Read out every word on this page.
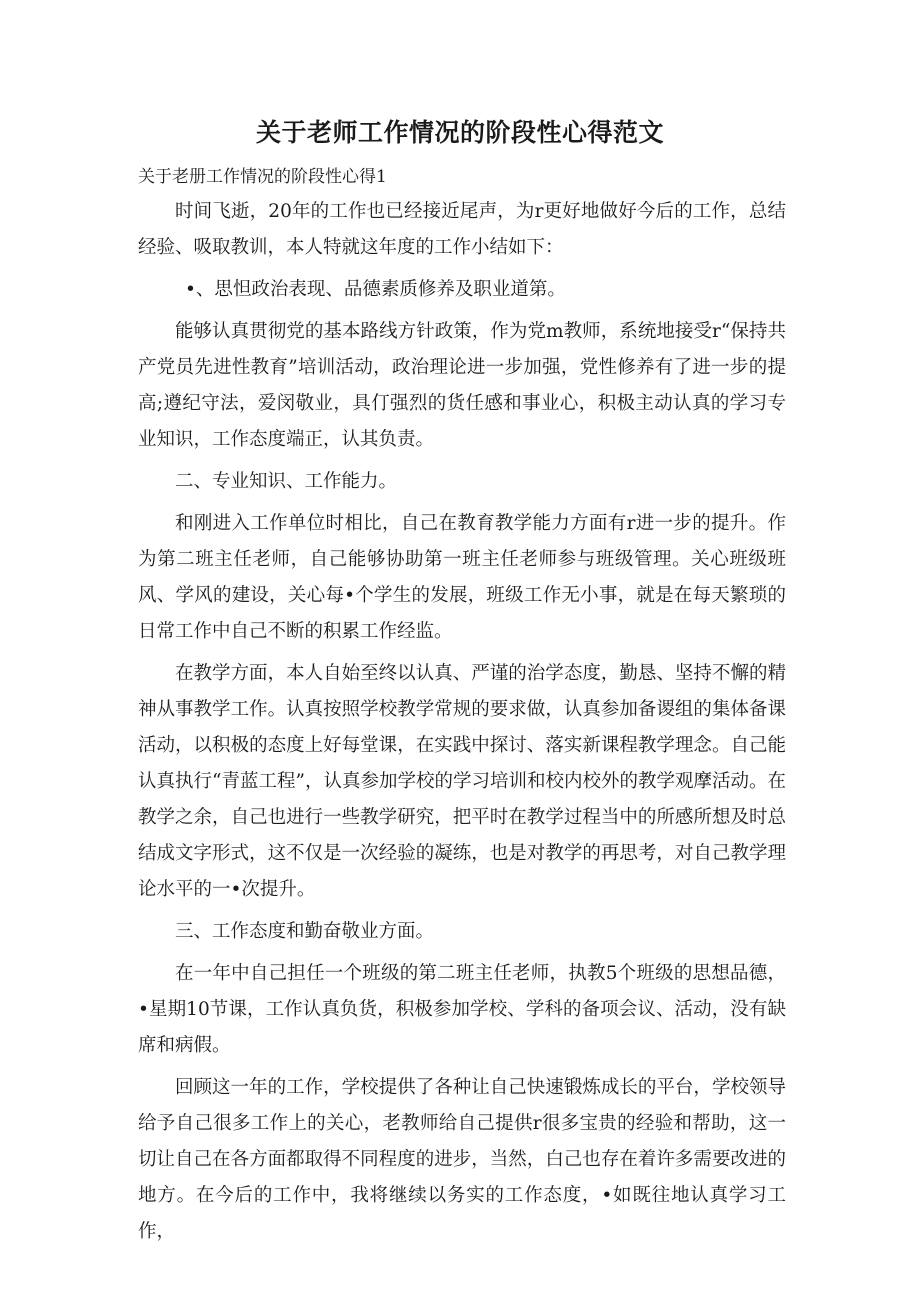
关于老师工作情况的阶段性心得范文

关于老册工作情况的阶段性心得1

时间飞逝，20年的工作也已经接近尾声，为r更好地做好今后的工作，总结经验、吸取教训，本人特就这年度的工作小结如下：

•、思怛政治表现、品德素质修养及职业道第。

能够认真贯彻党的基本路线方针政策，作为党m教师，系统地接受r“保持共产党员先进性教育”培训活动，政治理论进一步加强，党性修养有了进一步的提高;遵纪守法，爱闵敬业，具仃强烈的货任感和事业心，积极主动认真的学习专业知识，工作态度端正，认其负责。

二、专业知识、工作能力。

和刚进入工作单位时相比，自己在教育教学能力方面有r进一步的提升。作为第二班主任老师，自己能够协助第一班主任老师参与班级管理。关心班级班风、学风的建设，关心每•个学生的发展，班级工作无小事，就是在每天繁琐的日常工作中自己不断的积累工作经监。

在教学方面，本人自始至终以认真、严谨的治学态度，勤恳、坚持不懈的精神从事教学工作。认真按照学校教学常规的要求做，认真参加备谡组的集体备课活动，以积极的态度上好每堂课，在实践中探讨、落实新课程教学理念。自己能认真执行“青蓝工程”，认真参加学校的学习培训和校内校外的教学观摩活动。在教学之余，自己也进行一些教学研究，把平时在教学过程当中的所感所想及时总结成文字形式，这不仅是一次经验的凝练，也是对教学的再思考，对自己教学理论水平的一•次提升。

三、工作态度和勤奋敬业方面。

在一年中自己担任一个班级的第二班主任老师，执教5个班级的思想品德，•星期10节课，工作认真负货，积极参加学校、学科的备项会议、活动，没有缺席和病假。

回顾这一年的工作，学校提供了各种让自己快速锻炼成长的平台，学校领导给予自己很多工作上的关心，老教师给自己提供r很多宝贵的经验和帮助，这一切让自己在各方面都取得不同程度的进步，当然，白己也存在着许多需要改进的地方。在今后的工作中，我将继续以务实的工作态度，•如既往地认真学习工作，
